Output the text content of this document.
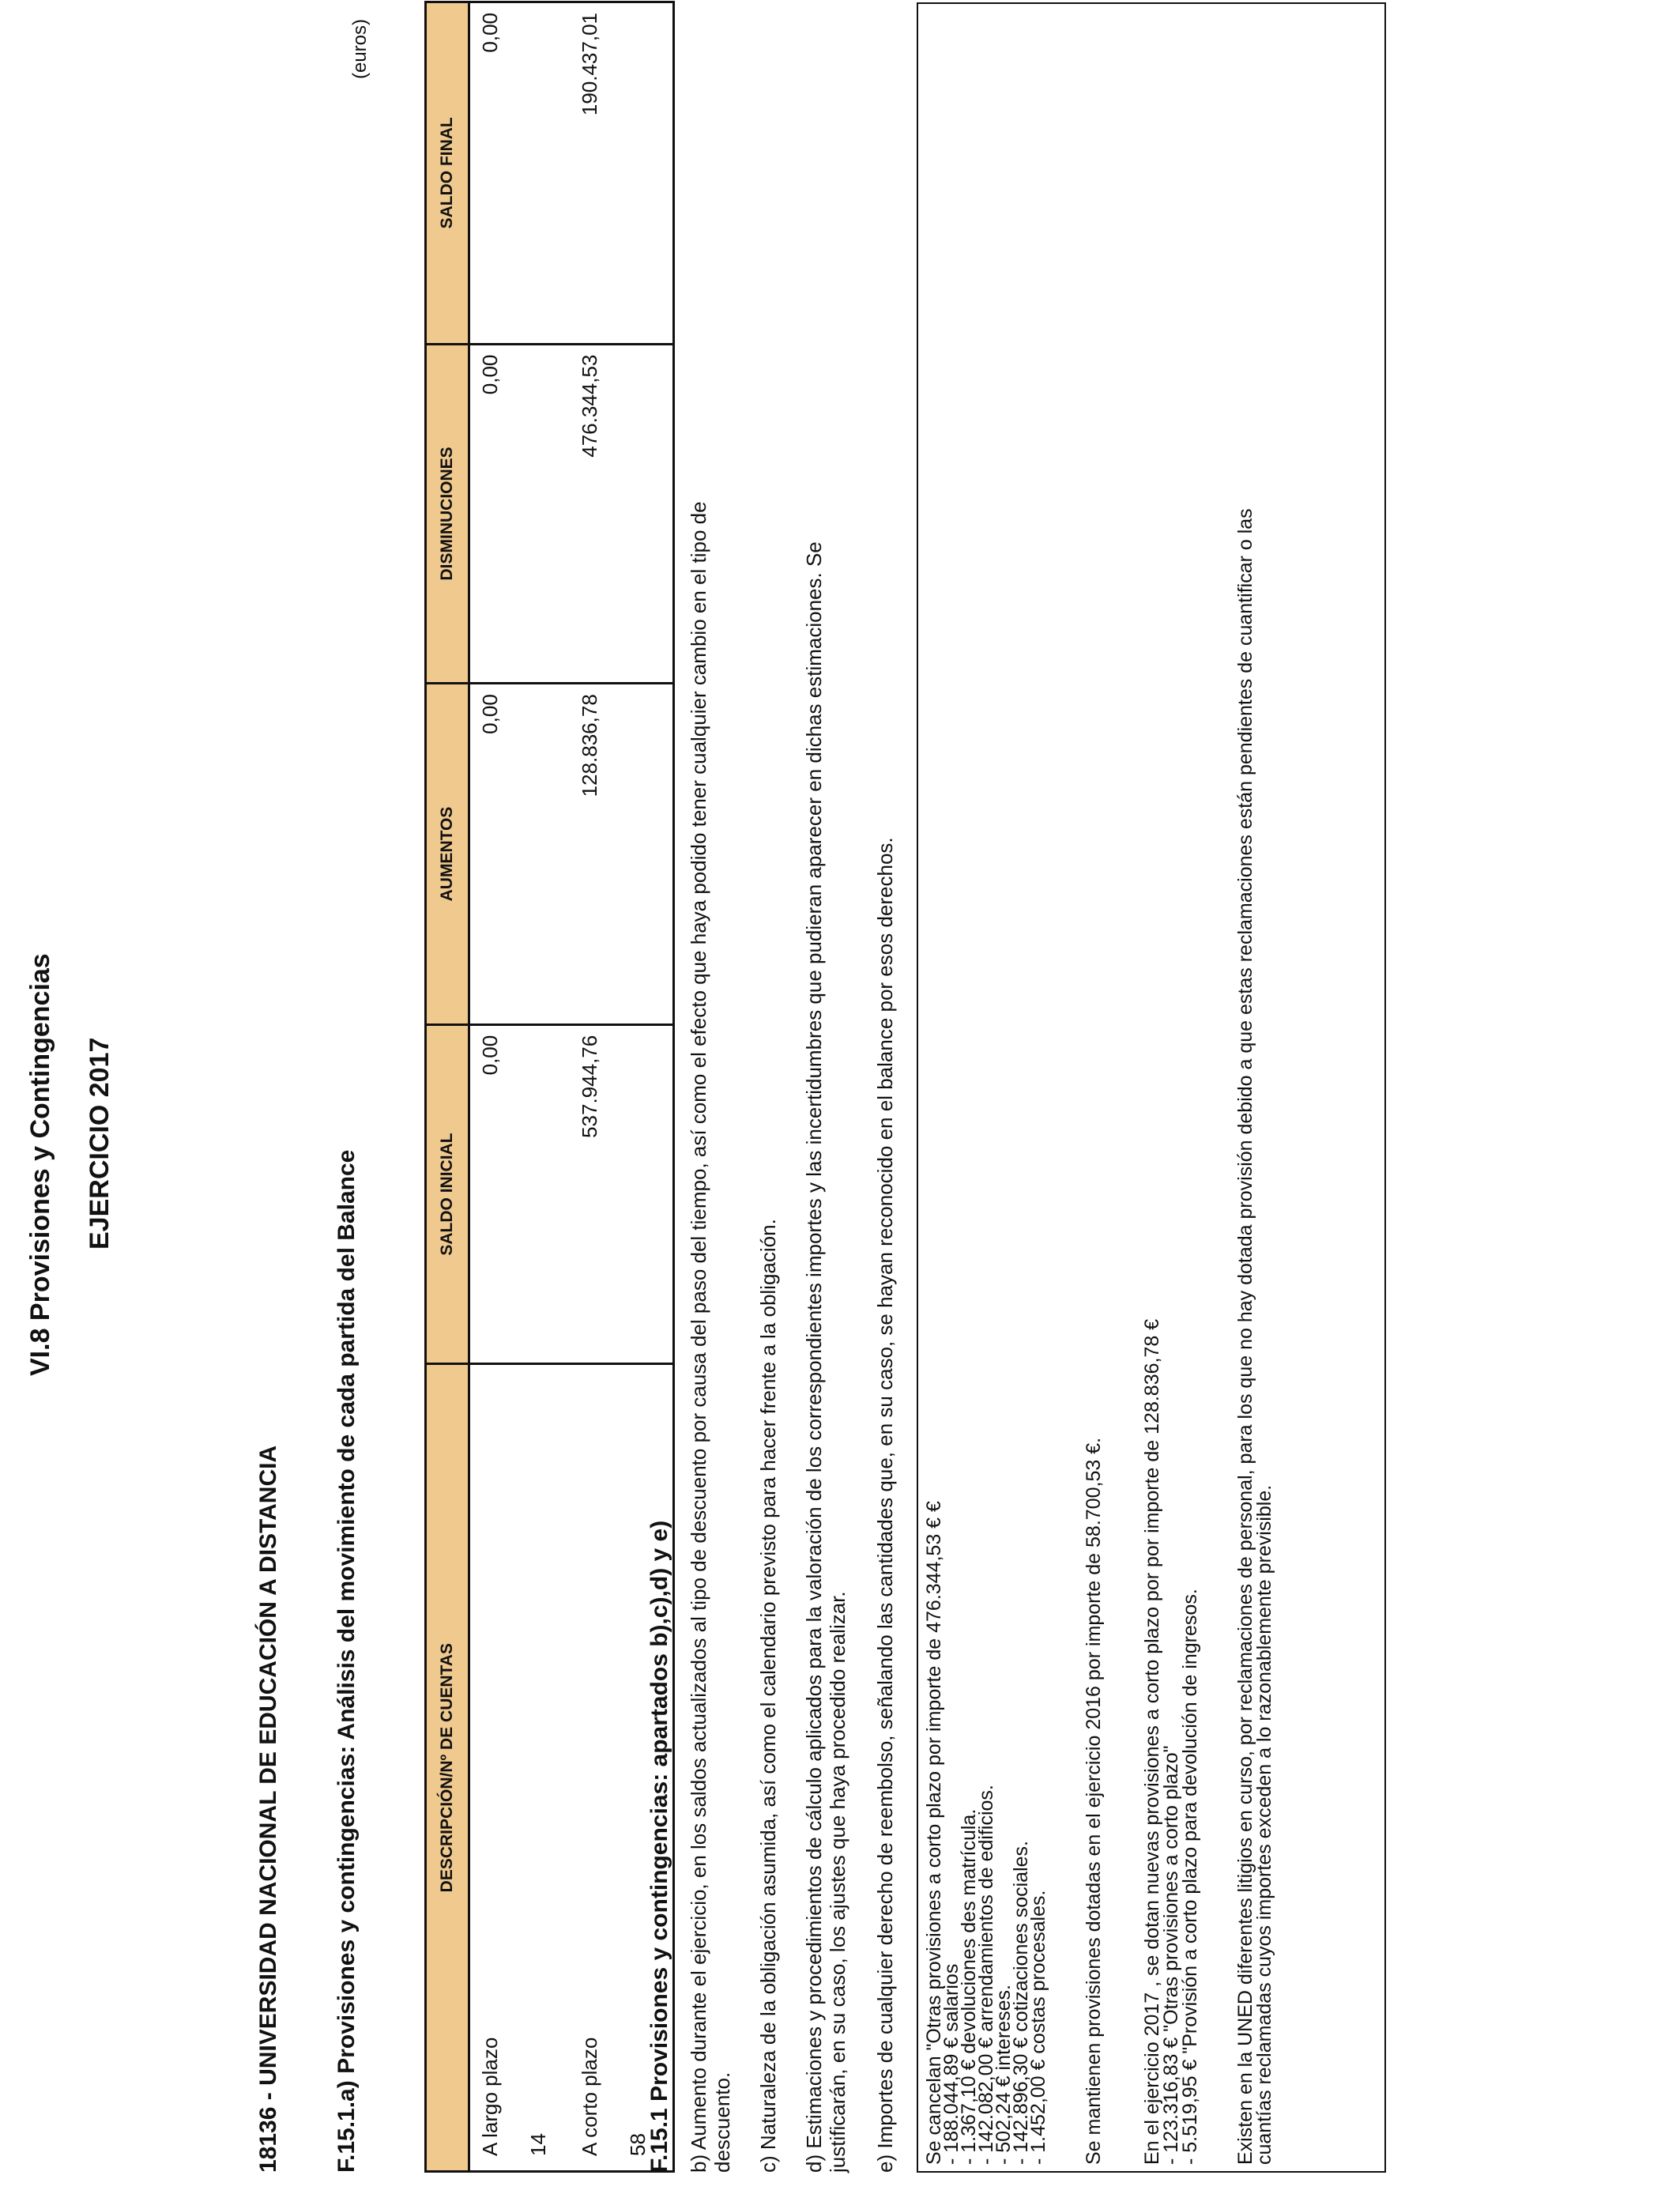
VI.8 Provisiones y Contingencias EJERCICIO 2017
18136 - UNIVERSIDAD NACIONAL DE EDUCACIÓN A DISTANCIA F.15.1.a) Provisiones y contingencias: Análisis del movimiento de cada partida del Balance
(euros)
DESCRIPCIÓN/Nº DE CUENTAS	SALDO INICIAL	AUMENTOS	DISMINUCIONES	SALDO FINAL
A largo plazo 14	0,00	0,00	0,00	0,00
A corto plazo 58	537.944,76	128.836,78	476.344,53	190.437,01
F.15.1 Provisiones y contingencias: apartados b),c),d) y e) b) Aumento durante el ejercicio, en los saldos actualizados al tipo de descuento por causa del paso del tiempo, así como el efecto que haya podido tener cualquier cambio en el tipo de descuento. c) Naturaleza de la obligación asumida, así como el calendario previsto para hacer frente a la obligación. d) Estimaciones y procedimientos de cálculo aplicados para la valoración de los correspondientes importes y las incertidumbres que pudieran aparecer en dichas estimaciones. Se justificarán, en su caso, los ajustes que haya procedido realizar. e) Importes de cualquier derecho de reembolso, señalando las cantidades que, en su caso, se hayan reconocido en el balance por esos derechos. Se cancelan "Otras provisiones a corto plazo por importe de 476.344,53 € €
- 188.044,89 € salarios
- 1.367,10 € devoluciones des matrícula.
- 142.082,00 € arrendamientos de edificios.
- 502,24 € intereses.
- 142.896,30 € cotizaciones sociales.
- 1.452,00 € costas procesales. Se mantienen provisiones dotadas en el ejercicio 2016 por importe de 58.700,53 €. En el ejercicio 2017 , se dotan nuevas provisiones a corto plazo por por importe de 128.836,78 €
- 123.316,83 € "Otras provisiones a corto plazo"
- 5.519,95 € "Provisión a corto plazo para devolución de ingresos. Existen en la UNED diferentes litigios en curso, por reclamaciones de personal, para los que no hay dotada provisión debido a que estas reclamaciones están pendientes de cuantificar o las
cuantías reclamadas cuyos importes exceden a lo razonablemente previsible.
